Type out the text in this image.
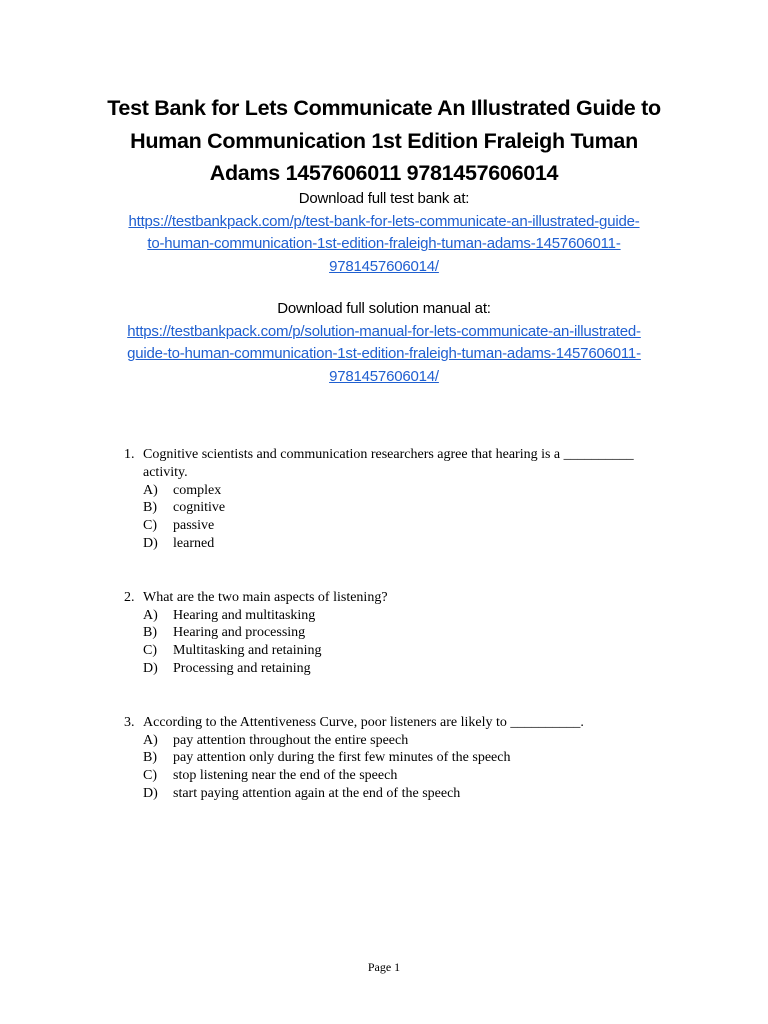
Test Bank for Lets Communicate An Illustrated Guide to
Human Communication 1st Edition Fraleigh Tuman
Adams 1457606011 9781457606014
Download full test bank at:
https://testbankpack.com/p/test-bank-for-lets-communicate-an-illustrated-guide-
to-human-communication-1st-edition-fraleigh-tuman-adams-1457606011-
9781457606014/
Download full solution manual at:
https://testbankpack.com/p/solution-manual-for-lets-communicate-an-illustrated-
guide-to-human-communication-1st-edition-fraleigh-tuman-adams-1457606011-
9781457606014/
1. Cognitive scientists and communication researchers agree that hearing is a __________
activity.
A) complex
B) cognitive
C) passive
D) learned
2. What are the two main aspects of listening?
A) Hearing and multitasking
B) Hearing and processing
C) Multitasking and retaining
D) Processing and retaining
3. According to the Attentiveness Curve, poor listeners are likely to __________.
A) pay attention throughout the entire speech
B) pay attention only during the first few minutes of the speech
C) stop listening near the end of the speech
D) start paying attention again at the end of the speech
Page 1
